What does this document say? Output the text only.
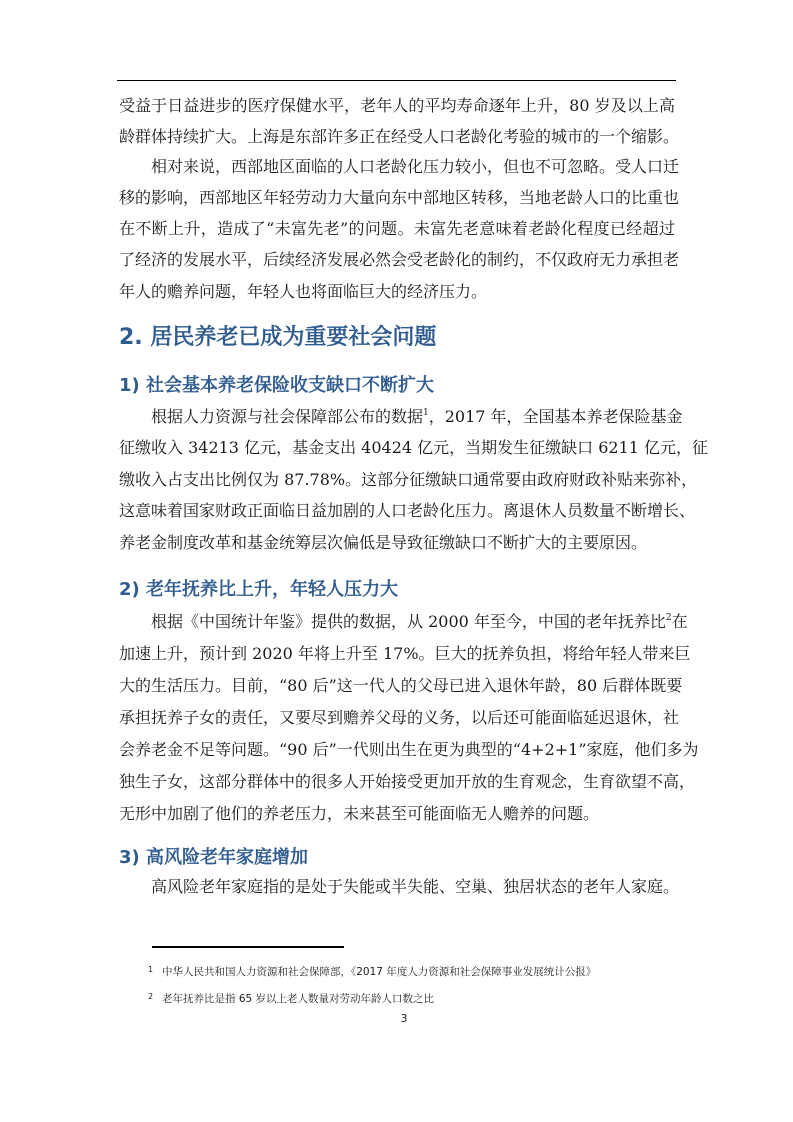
受益于日益进步的医疗保健水平，老年人的平均寿命逐年上升，80 岁及以上高
龄群体持续扩大。上海是东部许多正在经受人口老龄化考验的城市的一个缩影。
相对来说，西部地区面临的人口老龄化压力较小，但也不可忽略。受人口迁
移的影响，西部地区年轻劳动力大量向东中部地区转移，当地老龄人口的比重也
在不断上升，造成了“未富先老”的问题。未富先老意味着老龄化程度已经超过
了经济的发展水平，后续经济发展必然会受老龄化的制约，不仅政府无力承担老
年人的赡养问题，年轻人也将面临巨大的经济压力。
2. 居民养老已成为重要社会问题
1) 社会基本养老保险收支缺口不断扩大
根据人力资源与社会保障部公布的数据$^1$，2017 年，全国基本养老保险基金
征缴收入 34213 亿元，基金支出 40424 亿元，当期发生征缴缺口 6211 亿元，征
缴收入占支出比例仅为 87.78%。这部分征缴缺口通常要由政府财政补贴来弥补，
这意味着国家财政正面临日益加剧的人口老龄化压力。离退休人员数量不断增长、
养老金制度改革和基金统筹层次偏低是导致征缴缺口不断扩大的主要原因。
2) 老年抚养比上升，年轻人压力大
根据《中国统计年鉴》提供的数据，从 2000 年至今，中国的老年抚养比$^2$在
加速上升，预计到 2020 年将上升至 17%。巨大的抚养负担，将给年轻人带来巨
大的生活压力。目前，“80 后”这一代人的父母已进入退休年龄，80 后群体既要
承担抚养子女的责任，又要尽到赡养父母的义务，以后还可能面临延迟退休，社
会养老金不足等问题。“90 后”一代则出生在更为典型的“4+2+1”家庭，他们多为
独生子女，这部分群体中的很多人开始接受更加开放的生育观念，生育欲望不高，
无形中加剧了他们的养老压力，未来甚至可能面临无人赡养的问题。
3) 高风险老年家庭增加
高风险老年家庭指的是处于失能或半失能、空巢、独居状态的老年人家庭。
1 中华人民共和国人力资源和社会保障部，《2017 年度人力资源和社会保障事业发展统计公报》
2 老年抚养比是指 65 岁以上老人数量对劳动年龄人口数之比
3
